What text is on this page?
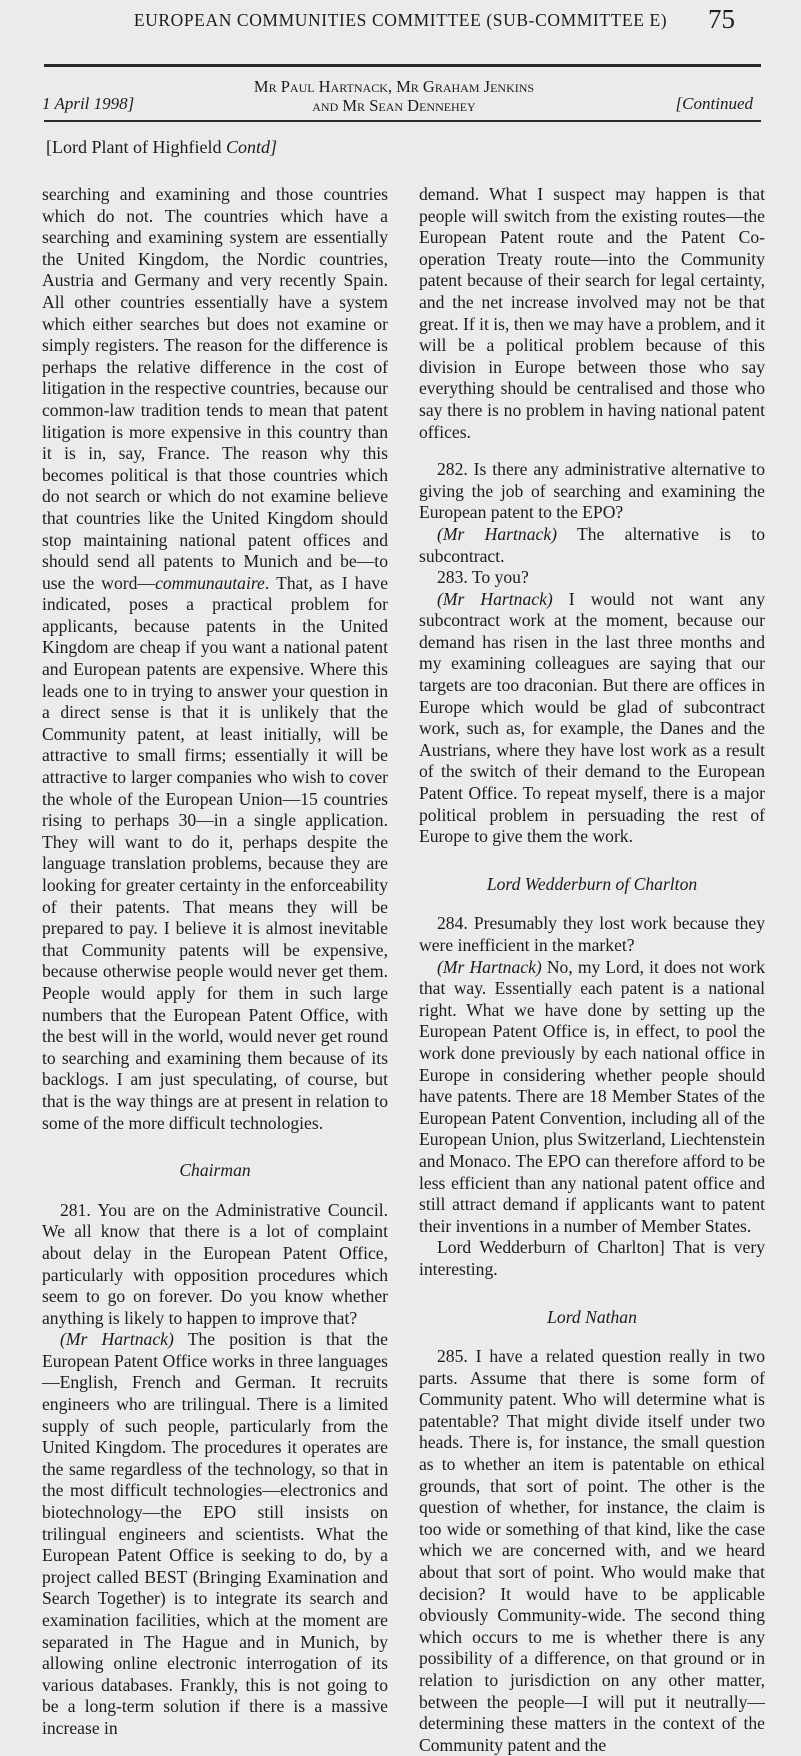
EUROPEAN COMMUNITIES COMMITTEE (SUB-COMMITTEE E)	75
1 April 1998]
Mr Paul Hartnack, Mr Graham Jenkins
and Mr Sean Dennehey	[Continued
[Lord Plant of Highfield Contd]

searching and examining and those countries which do not. The countries which have a searching and examining system are essentially the United Kingdom, the Nordic countries, Austria and Germany and very recently Spain. All other countries essentially have a system which either searches but does not examine or simply registers. The reason for the difference is perhaps the relative difference in the cost of litigation in the respective countries, because our common-law tradition tends to mean that patent litigation is more expensive in this country than it is in, say, France. The reason why this becomes political is that those countries which do not search or which do not examine believe that countries like the United Kingdom should stop maintaining national patent offices and should send all patents to Munich and be—to use the word—communautaire. That, as I have indicated, poses a practical problem for applicants, because patents in the United Kingdom are cheap if you want a national patent and European patents are expensive. Where this leads one to in trying to answer your question in a direct sense is that it is unlikely that the Community patent, at least initially, will be attractive to small firms; essentially it will be attractive to larger companies who wish to cover the whole of the European Union—15 countries rising to perhaps 30—in a single application. They will want to do it, perhaps despite the language translation problems, because they are looking for greater certainty in the enforceability of their patents. That means they will be prepared to pay. I believe it is almost inevitable that Community patents will be expensive, because otherwise people would never get them. People would apply for them in such large numbers that the European Patent Office, with the best will in the world, would never get round to searching and examining them because of its backlogs. I am just speculating, of course, but that is the way things are at present in relation to some of the more difficult technologies.

Chairman

281. You are on the Administrative Council. We all know that there is a lot of complaint about delay in the European Patent Office, particularly with opposition procedures which seem to go on forever. Do you know whether anything is likely to happen to improve that?

(Mr Hartnack) The position is that the European Patent Office works in three languages—English, French and German. It recruits engineers who are trilingual. There is a limited supply of such people, particularly from the United Kingdom. The procedures it operates are the same regardless of the technology, so that in the most difficult technologies—electronics and biotechnology—the EPO still insists on trilingual engineers and scientists. What the European Patent Office is seeking to do, by a project called BEST (Bringing Examination and Search Together) is to integrate its search and examination facilities, which at the moment are separated in The Hague and in Munich, by allowing online electronic interrogation of its various databases. Frankly, this is not going to be a long-term solution if there is a massive increase in

demand. What I suspect may happen is that people will switch from the existing routes—the European Patent route and the Patent Co-operation Treaty route—into the Community patent because of their search for legal certainty, and the net increase involved may not be that great. If it is, then we may have a problem, and it will be a political problem because of this division in Europe between those who say everything should be centralised and those who say there is no problem in having national patent offices.

282. Is there any administrative alternative to giving the job of searching and examining the European patent to the EPO?

(Mr Hartnack) The alternative is to subcontract.

283. To you?

(Mr Hartnack) I would not want any subcontract work at the moment, because our demand has risen in the last three months and my examining colleagues are saying that our targets are too draconian. But there are offices in Europe which would be glad of subcontract work, such as, for example, the Danes and the Austrians, where they have lost work as a result of the switch of their demand to the European Patent Office. To repeat myself, there is a major political problem in persuading the rest of Europe to give them the work.

Lord Wedderburn of Charlton

284. Presumably they lost work because they were inefficient in the market?

(Mr Hartnack) No, my Lord, it does not work that way. Essentially each patent is a national right. What we have done by setting up the European Patent Office is, in effect, to pool the work done previously by each national office in Europe in considering whether people should have patents. There are 18 Member States of the European Patent Convention, including all of the European Union, plus Switzerland, Liechtenstein and Monaco. The EPO can therefore afford to be less efficient than any national patent office and still attract demand if applicants want to patent their inventions in a number of Member States.

Lord Wedderburn of Charlton] That is very interesting.

Lord Nathan

285. I have a related question really in two parts. Assume that there is some form of Community patent. Who will determine what is patentable? That might divide itself under two heads. There is, for instance, the small question as to whether an item is patentable on ethical grounds, that sort of point. The other is the question of whether, for instance, the claim is too wide or something of that kind, like the case which we are concerned with, and we heard about that sort of point. Who would make that decision? It would have to be applicable obviously Community-wide. The second thing which occurs to me is whether there is any possibility of a difference, on that ground or in relation to jurisdiction on any other matter, between the people—I will put it neutrally—determining these matters in the context of the Community patent and the
